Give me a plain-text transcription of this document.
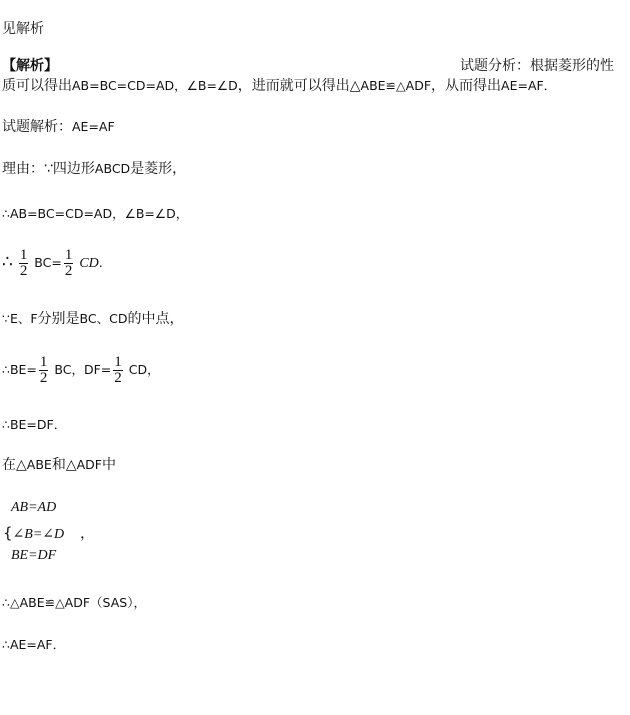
见解析
【解析】	试题分析：根据菱形的性
质可以得出AB=BC=CD=AD，∠B=∠D，进而就可以得出△ABE≌△ADF，从而得出AE=AF．
试题解析：AE=AF
理由：∵四边形ABCD是菱形，
∴AB=BC=CD=AD，∠B=∠D，
∴ $\frac{1}{2} BC= \frac{1}{2}$ CD.
∵E、F分别是BC、CD的中点，
∴BE= $\frac{1}{2}$ BC，$DF= \frac{1}{2}$ CD，
∴BE=DF．
在△ABE和△ADF中
AB=AD
{∠B=∠D ，
BE=DF
∴△ABE≌△ADF（SAS），
∴AE=AF．
